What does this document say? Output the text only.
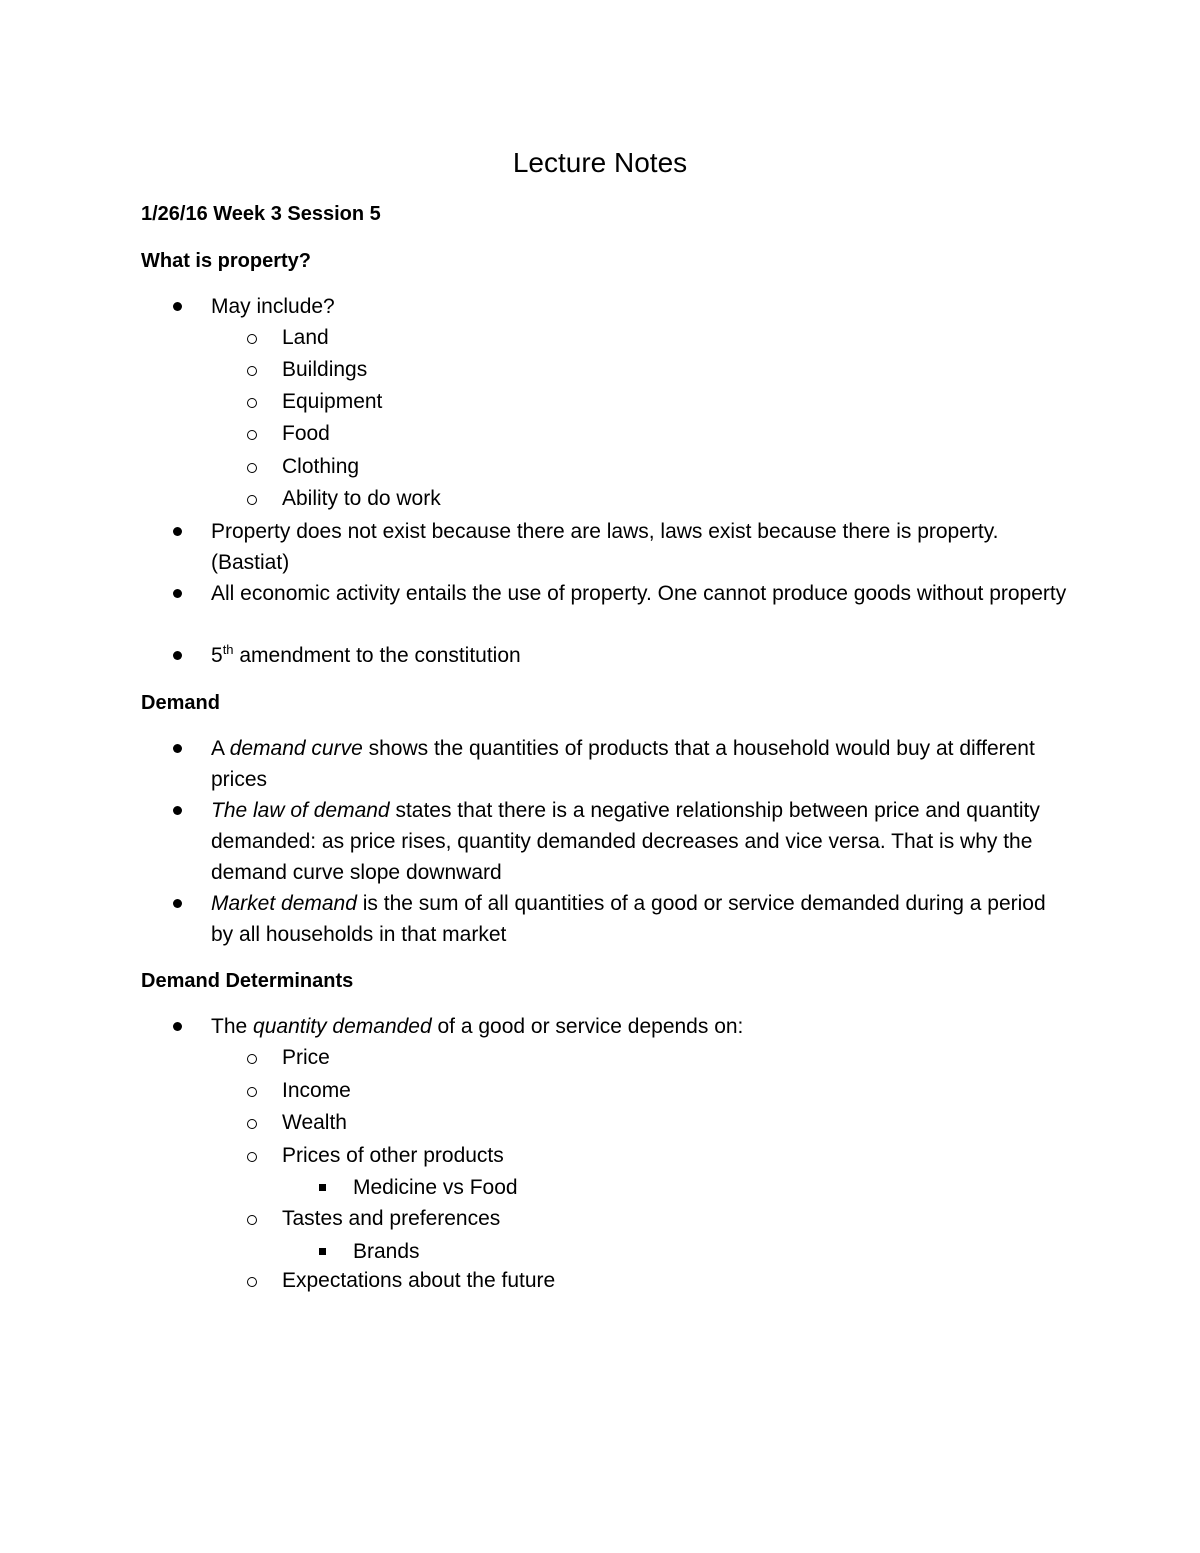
Lecture Notes
1/26/16 Week 3 Session 5
What is property?
May include?
Land
Buildings
Equipment
Food
Clothing
Ability to do work
Property does not exist because there are laws, laws exist because there is property. (Bastiat)
All economic activity entails the use of property. One cannot produce goods without property
5th amendment to the constitution
Demand
A demand curve shows the quantities of products that a household would buy at different prices
The law of demand states that there is a negative relationship between price and quantity demanded: as price rises, quantity demanded decreases and vice versa. That is why the demand curve slope downward
Market demand is the sum of all quantities of a good or service demanded during a period by all households in that market
Demand Determinants
The quantity demanded of a good or service depends on:
Price
Income
Wealth
Prices of other products
Medicine vs Food
Tastes and preferences
Brands
Expectations about the future
